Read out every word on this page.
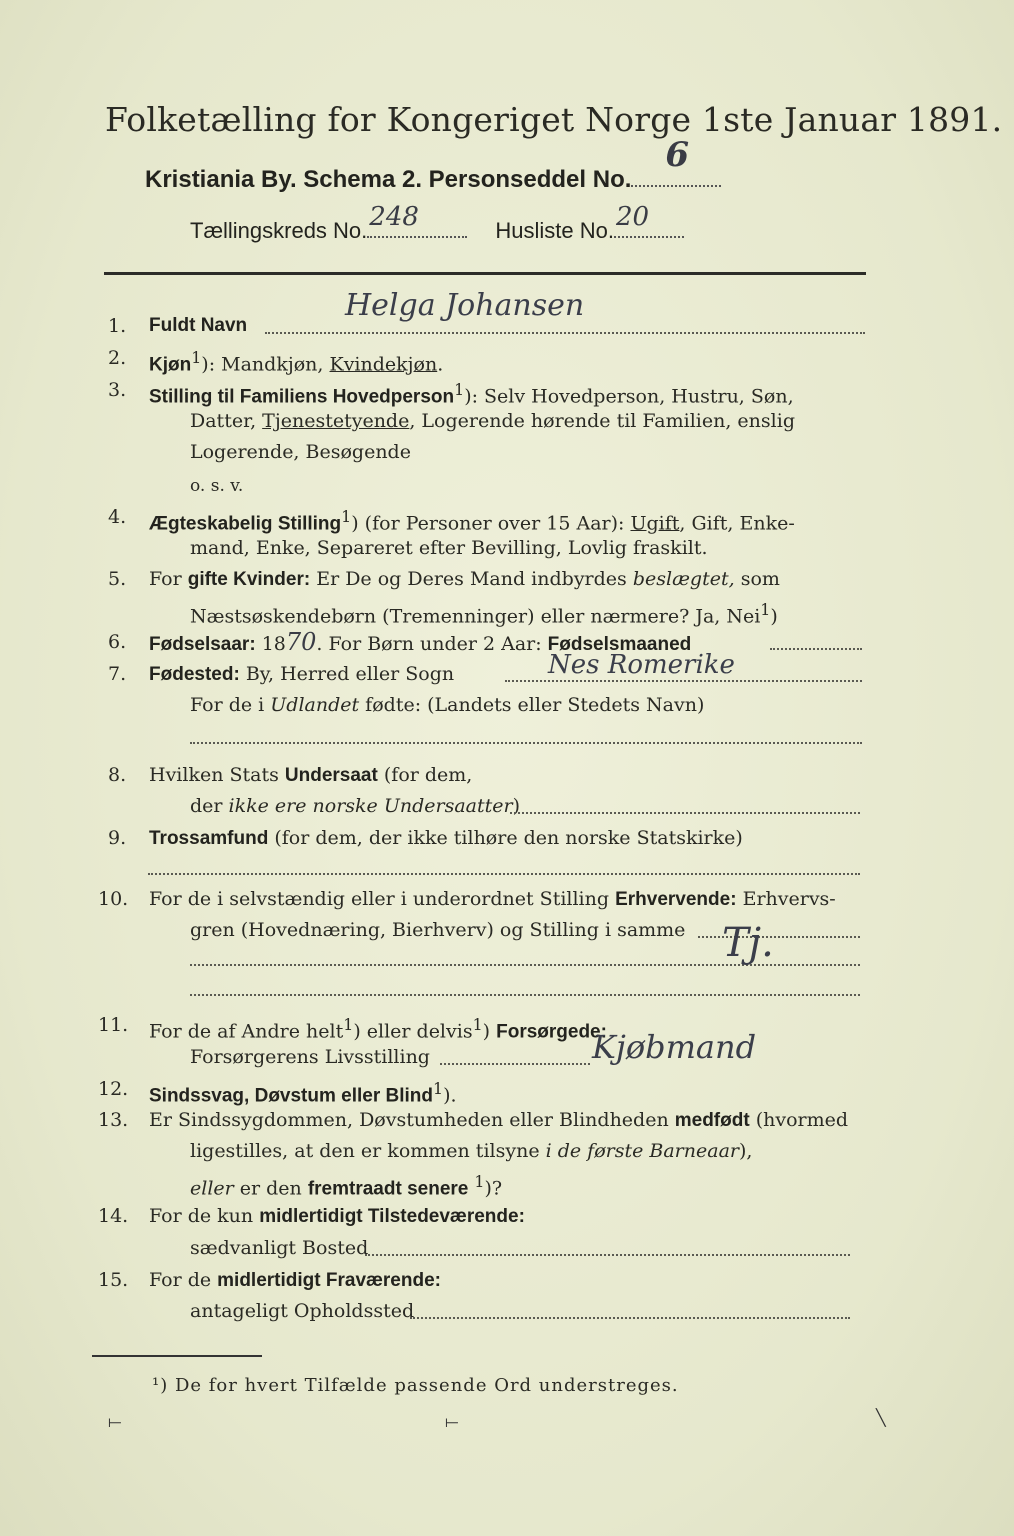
Folketælling for Kongeriget Norge 1ste Januar 1891.
Kristiania By. Schema 2. Personseddel No.
6
Tællingskreds No. 248	Husliste No. 20
1.	Fuldt Navn
Helga Johansen
2.	Kjøn$^1$): Mandkjøn, Kvindekjøn.
3.	Stilling til Familiens Hovedperson$^1$): Selv Hovedperson, Hustru, Søn,
Datter, Tjenestetyende, Logerende hørende til Familien, enslig
Logerende, Besøgende
o. s. v.
4.	Ægteskabelig Stilling$^1$) (for Personer over 15 Aar): Ugift, Gift, Enke-
mand, Enke, Separeret efter Bevilling, Lovlig fraskilt.
5.	For gifte Kvinder: Er De og Deres Mand indbyrdes beslægtet, som
Næstsøskendebørn (Tremenninger) eller nærmere? Ja, Nei$^1$)
6.	Fødselsaar: 1870. For Børn under 2 Aar: Fødselsmaaned
7.	Fødested: By, Herred eller Sogn	Nes Romerike
For de i Udlandet fødte: (Landets eller Stedets Navn)
8.	Hvilken Stats Undersaat (for dem,
der ikke ere norske Undersaatter)
9.	Trossamfund (for dem, der ikke tilhøre den norske Statskirke)
10. For de i selvstændig eller i underordnet Stilling Erhvervende: Erhvervs-
gren (Hovednæring, Bierhverv) og Stilling i samme Tj.
11. For de af Andre helt$^1$) eller delvis$^1$) Forsørgede:
Forsørgerens Livsstilling	Kjøbmand
12. Sindssvag, Døvstum eller Blind$^1$).
13. Er Sindssygdommen, Døvstumheden eller Blindheden medfødt (hvormed
ligestilles, at den er kommen tilsyne i de første Barneaar),
eller er den fremtraadt senere $^1$)?
14. For de kun midlertidigt Tilstedeværende:
sædvanligt Bosted
15. For de midlertidigt Fraværende:
antageligt Opholdssted
¹) De for hvert Tilfælde passende Ord understreges.
⟝	⟝	╲
